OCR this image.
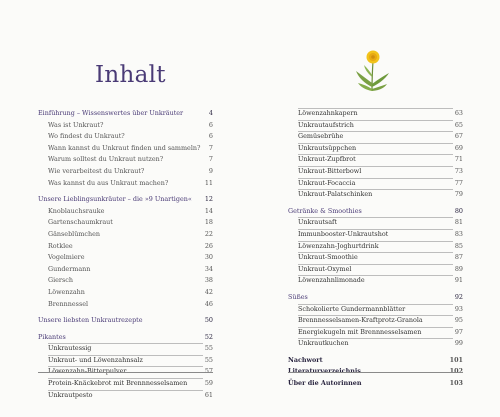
Inhalt
Einführung – Wissenswertes über Unkräuter	4
Was ist Unkraut?	6
Wo findest du Unkraut?	6
Wann kannst du Unkraut finden und sammeln? 7
Warum solltest du Unkraut nutzen?	7
Wie verarbeitest du Unkraut?	9
Was kannst du aus Unkraut machen?	11
Unsere Lieblingsunkräuter – die »9 Unartigen« 12
Knoblauchsrauke	14
Gartenschaumkraut	18
Gänseblümchen	22
Rotklee	26
Vogelmiere	30
Gundermann	34
Giersch	38
Löwenzahn	42
Brennnessel	46
Unsere liebsten Unkrautrezepte	50
Pikantes	52
Unkrautessig	55
Unkraut- und Löwenzahnsalz	55
Löwenzahn-Bitterpulver	57
Protein-Knäckebrot mit Brennnesselsamen	59
Unkrautpesto	61
Löwenzahnkapern	63
Unkrautaufstrich	65
Gemüsebrühe	67
Unkrautsüppchen	69
Unkraut-Zupfbrot	71
Unkraut-Bitterbowl	73
Unkraut-Focaccia	77
Unkraut-Palatschinken	79
Getränke & Smoothies	80
Unkrautsaft	81
Immunbooster-Unkrautshot	83
Löwenzahn-Joghurtdrink	85
Unkraut-Smoothie	87
Unkraut-Oxymel	89
Löwenzahnlimonade	91
Süßes	92
Schokolierte Gundermannblätter	93
Brennnesselsamen-Kraftprotz-Granola	95
Energiekugeln mit Brennnesselsamen	97
Unkrautkuchen	99
Nachwort	101
Literaturverzeichnis	102
Über die Autorinnen	103
